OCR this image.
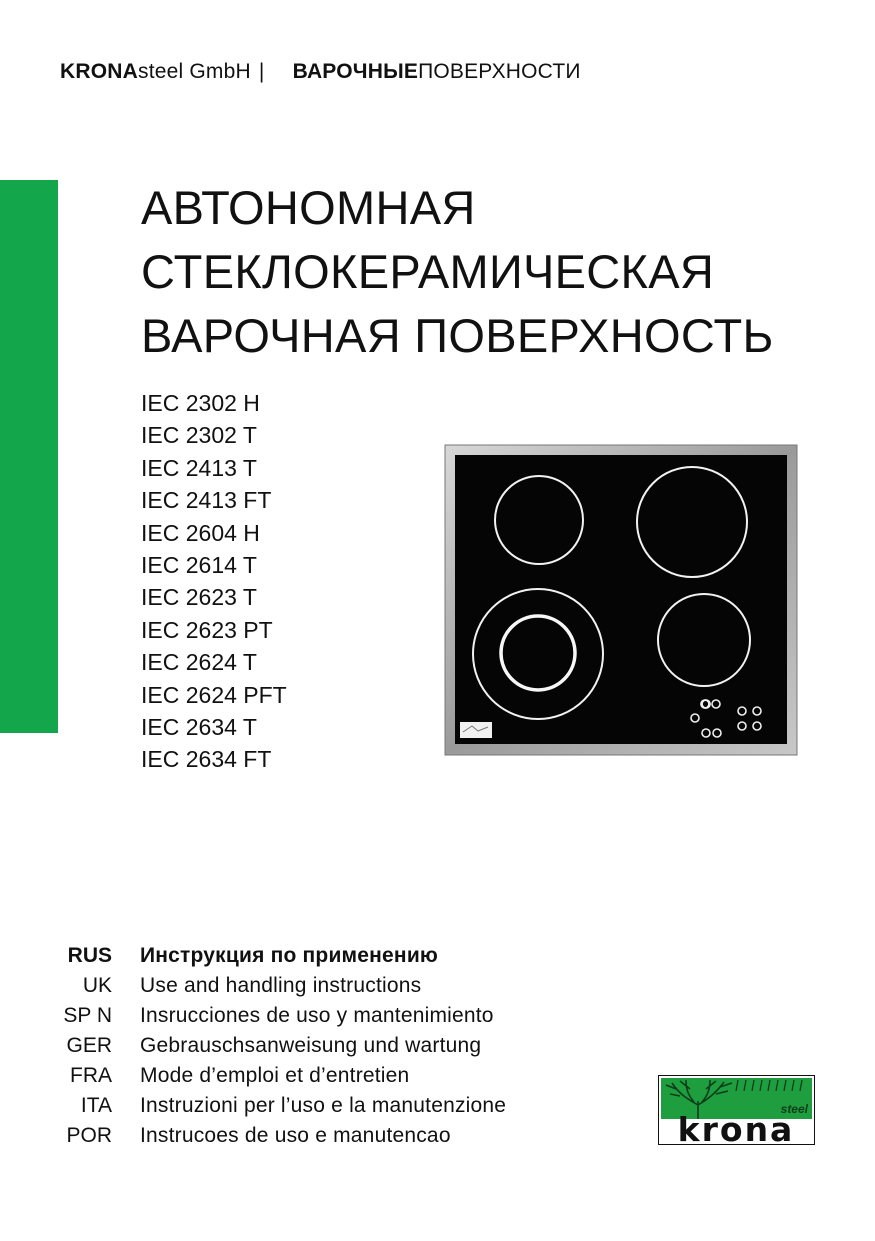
KRONAsteel GmbH | ВАРОЧНЫЕПОВЕРХНОСТИ
АВТОНОМНАЯ
СТЕКЛОКЕРАМИЧЕСКАЯ
ВАРОЧНАЯ ПОВЕРХНОСТЬ
IEC 2302 H
IEC 2302 T
IEC 2413 T
IEC 2413 FT
IEC 2604 H
IEC 2614 T
IEC 2623 T
IEC 2623 PT
IEC 2624 T
IEC 2624 PFT
IEC 2634 T
IEC 2634 FT
RUS Инструкция по применению
UK Use and handling instructions
SP N Insrucciones de uso y mantenimiento
GER Gebrauschsanweisung und wartung
FRA Mode d’emploi et d’entretien
ITA Instruzioni per l’uso e la manutenzione
POR Instrucoes de uso e manutencao
steel
krona
